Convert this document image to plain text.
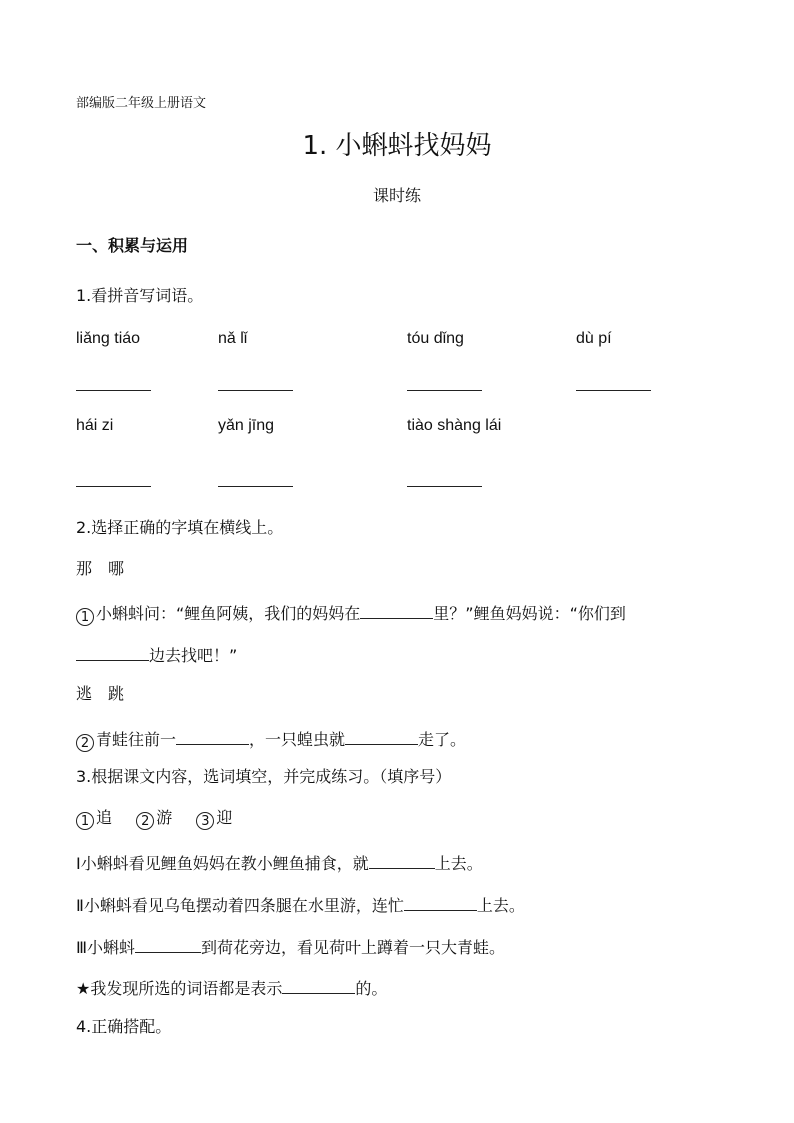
部编版二年级上册语文
1. 小蝌蚪找妈妈
课时练
一、积累与运用
1.看拼音写词语。
liǎng tiáo	nǎ lǐ	tóu dǐng	dù pí
hái zi	yǎn jīng	tiào shàng lái
2.选择正确的字填在横线上。
那　哪
1 小蝌蚪问：“鲤鱼阿姨，我们的妈妈在	里？”鲤鱼妈妈说：“你们到
边去找吧！”
逃　跳
2 青蛙往前一	，一只蝗虫就	走了。
3.根据课文内容，选词填空，并完成练习。（填序号）
1 追 2 游 3 迎
Ⅰ小蝌蚪看见鲤鱼妈妈在教小鲤鱼捕食，就	上去。
Ⅱ小蝌蚪看见乌龟摆动着四条腿在水里游，连忙	上去。
Ⅲ小蝌蚪	到荷花旁边，看见荷叶上蹲着一只大青蛙。
★我发现所选的词语都是表示	的。
4.正确搭配。
